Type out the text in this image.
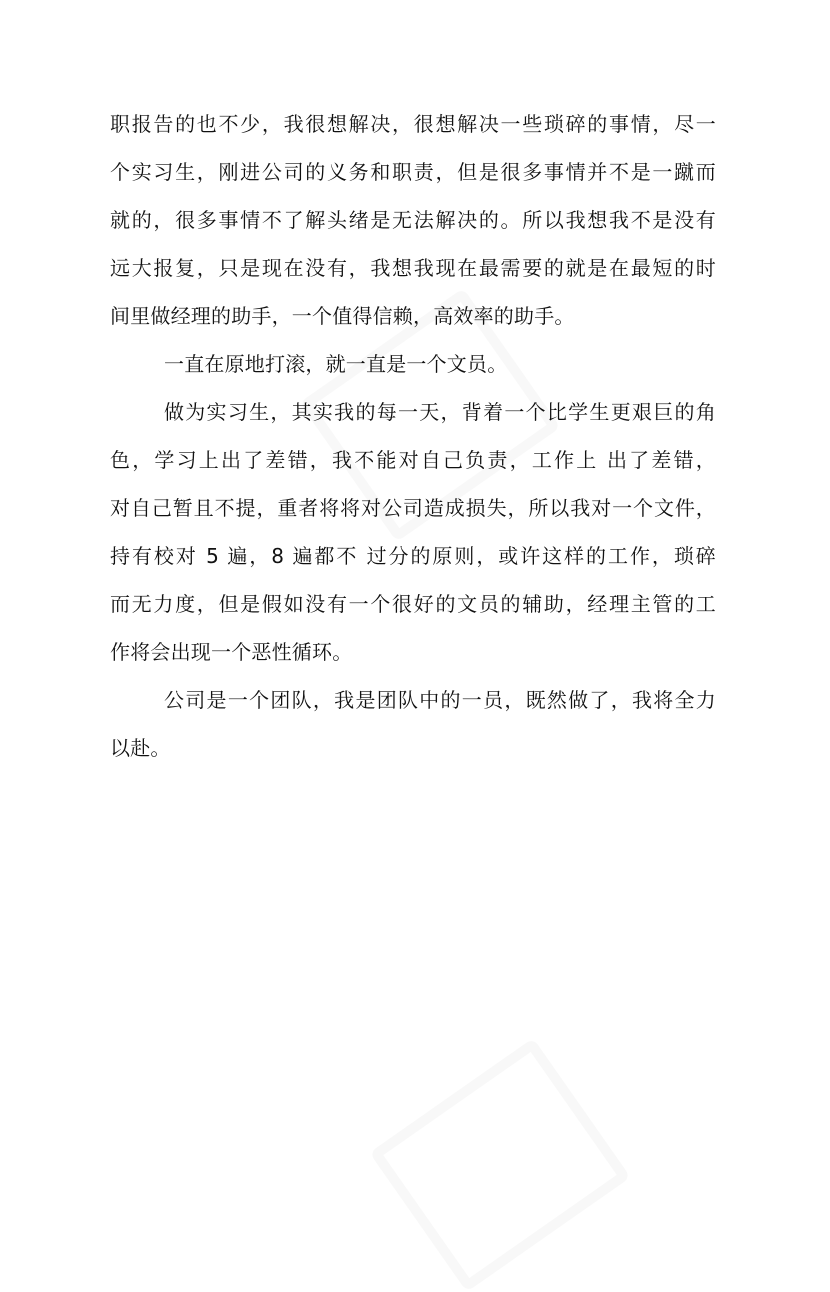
职报告的也不少，我很想解决，很想解决一些琐碎的事情，尽一
个实习生，刚进公司的义务和职责，但是很多事情并不是一蹴而
就的，很多事情不了解头绪是无法解决的。所以我想我不是没有
远大报复，只是现在没有，我想我现在最需要的就是在最短的时
间里做经理的助手，一个值得信赖，高效率的助手。
一直在原地打滚，就一直是一个文员。
做为实习生，其实我的每一天，背着一个比学生更艰巨的角
色，学习上出了差错，我不能对自己负责，工作上 出了差错，
对自己暂且不提，重者将将对公司造成损失，所以我对一个文件，
持有校对 5 遍，8 遍都不 过分的原则，或许这样的工作，琐碎
而无力度，但是假如没有一个很好的文员的辅助，经理主管的工
作将会出现一个恶性循环。
公司是一个团队，我是团队中的一员，既然做了，我将全力
以赴。
